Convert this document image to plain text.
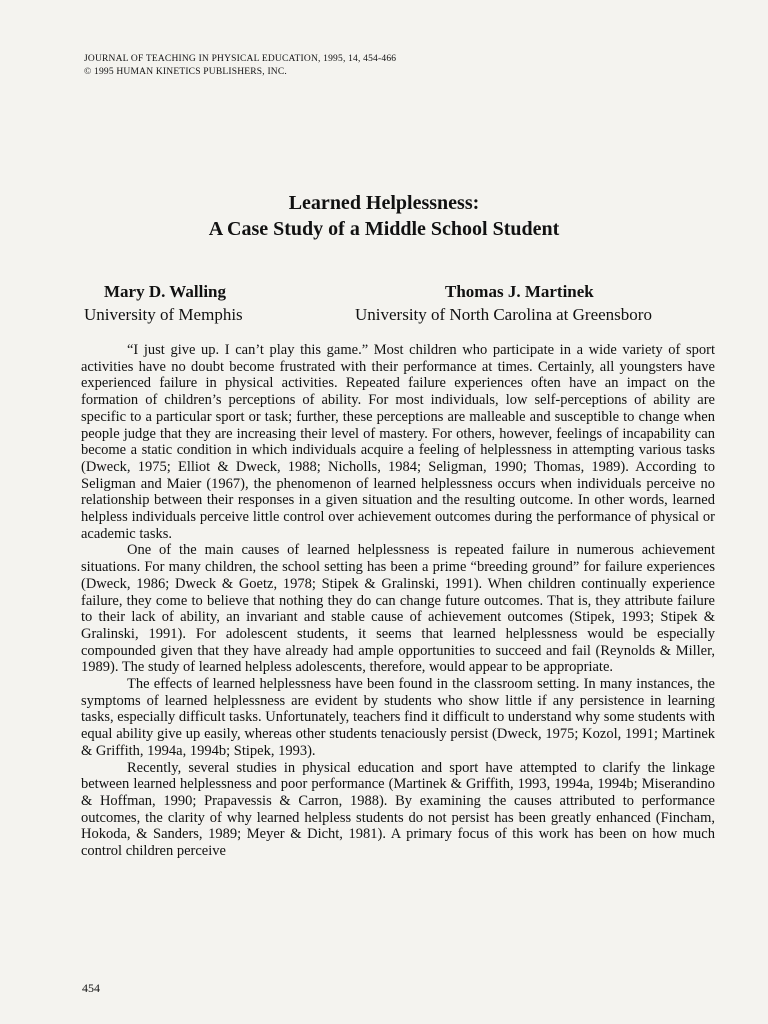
JOURNAL OF TEACHING IN PHYSICAL EDUCATION, 1995, 14, 454-466
© 1995 HUMAN KINETICS PUBLISHERS, INC.
Learned Helplessness:
A Case Study of a Middle School Student
Mary D. Walling
University of Memphis
Thomas J. Martinek
University of North Carolina at Greensboro

“I just give up. I can’t play this game.” Most children who participate in a wide variety of sport activities have no doubt become frustrated with their performance at times. Certainly, all youngsters have experienced failure in physical activities. Repeated failure experiences often have an impact on the formation of children’s perceptions of ability. For most individuals, low self-perceptions of ability are specific to a particular sport or task; further, these perceptions are malleable and susceptible to change when people judge that they are increasing their level of mastery. For others, however, feelings of incapability can become a static condition in which individuals acquire a feeling of helplessness in attempting various tasks (Dweck, 1975; Elliot & Dweck, 1988; Nicholls, 1984; Seligman, 1990; Thomas, 1989). According to Seligman and Maier (1967), the phenomenon of learned helplessness occurs when individuals perceive no relationship between their responses in a given situation and the resulting outcome. In other words, learned helpless individuals perceive little control over achievement outcomes during the performance of physical or academic tasks.

One of the main causes of learned helplessness is repeated failure in numerous achievement situations. For many children, the school setting has been a prime “breeding ground” for failure experiences (Dweck, 1986; Dweck & Goetz, 1978; Stipek & Gralinski, 1991). When children continually experience failure, they come to believe that nothing they do can change future outcomes. That is, they attribute failure to their lack of ability, an invariant and stable cause of achievement outcomes (Stipek, 1993; Stipek & Gralinski, 1991). For adolescent students, it seems that learned helplessness would be especially compounded given that they have already had ample opportunities to succeed and fail (Reynolds & Miller, 1989). The study of learned helpless adolescents, therefore, would appear to be appropriate.

The effects of learned helplessness have been found in the classroom setting. In many instances, the symptoms of learned helplessness are evident by students who show little if any persistence in learning tasks, especially difficult tasks. Unfortunately, teachers find it difficult to understand why some students with equal ability give up easily, whereas other students tenaciously persist (Dweck, 1975; Kozol, 1991; Martinek & Griffith, 1994a, 1994b; Stipek, 1993).

Recently, several studies in physical education and sport have attempted to clarify the linkage between learned helplessness and poor performance (Martinek & Griffith, 1993, 1994a, 1994b; Miserandino & Hoffman, 1990; Prapavessis & Carron, 1988). By examining the causes attributed to performance outcomes, the clarity of why learned helpless students do not persist has been greatly enhanced (Fincham, Hokoda, & Sanders, 1989; Meyer & Dicht, 1981). A primary focus of this work has been on how much control children perceive

454
